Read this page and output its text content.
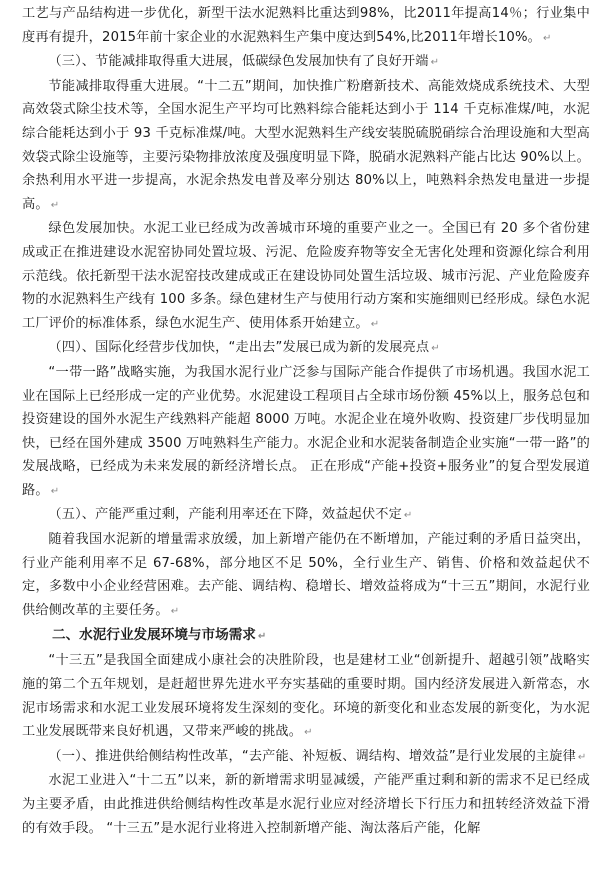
工艺与产品结构进一步优化，新型干法水泥熟料比重达到98%，比2011年提高14％；行业集中度再有提升，2015年前十家企业的水泥熟料生产集中度达到54%,比2011年增长10%。 ↵

（三）、节能减排取得重大进展，低碳绿色发展加快有了良好开端 ↵

节能减排取得重大进展。“十二五”期间，加快推广粉磨新技术、高能效烧成系统技术、大型高效袋式除尘技术等，全国水泥生产平均可比熟料综合能耗达到小于 114 千克标准煤/吨，水泥综合能耗达到小于 93 千克标准煤/吨。大型水泥熟料生产线安装脱硫脱硝综合治理设施和大型高效袋式除尘设施等，主要污染物排放浓度及强度明显下降，脱硝水泥熟料产能占比达 90%以上。余热利用水平进一步提高，水泥余热发电普及率分别达 80%以上，吨熟料余热发电量进一步提高。 ↵

绿色发展加快。水泥工业已经成为改善城市环境的重要产业之一。全国已有 20 多个省份建成或正在推进建设水泥窑协同处置垃圾、污泥、危险废弃物等安全无害化处理和资源化综合利用示范线。依托新型干法水泥窑技改建成或正在建设协同处置生活垃圾、城市污泥、产业危险废弃物的水泥熟料生产线有 100 多条。绿色建材生产与使用行动方案和实施细则已经形成。绿色水泥工厂评价的标准体系，绿色水泥生产、使用体系开始建立。 ↵

（四）、国际化经营步伐加快，“走出去”发展已成为新的发展亮点 ↵

“一带一路”战略实施，为我国水泥行业广泛参与国际产能合作提供了市场机遇。我国水泥工业在国际上已经形成一定的产业优势。水泥建设工程项目占全球市场份额 45%以上，服务总包和投资建设的国外水泥生产线熟料产能超 8000 万吨。水泥企业在境外收购、投资建厂步伐明显加快，已经在国外建成 3500 万吨熟料生产能力。水泥企业和水泥装备制造企业实施“一带一路”的发展战略，已经成为未来发展的新经济增长点。 正在形成“产能+投资+服务业”的复合型发展道路。 ↵

（五）、产能严重过剩，产能利用率还在下降，效益起伏不定 ↵

随着我国水泥新的增量需求放缓，加上新增产能仍在不断增加，产能过剩的矛盾日益突出，行业产能利用率不足 67-68%，部分地区不足 50%，全行业生产、销售、价格和效益起伏不定，多数中小企业经营困难。去产能、调结构、稳增长、增效益将成为“十三五”期间，水泥行业供给侧改革的主要任务。 ↵

二、水泥行业发展环境与市场需求 ↵

“十三五”是我国全面建成小康社会的决胜阶段，也是建材工业“创新提升、超越引领”战略实施的第二个五年规划，是赶超世界先进水平夯实基础的重要时期。国内经济发展进入新常态，水泥市场需求和水泥工业发展环境将发生深刻的变化。环境的新变化和业态发展的新变化，为水泥工业发展既带来良好机遇，又带来严峻的挑战。 ↵

（一）、推进供给侧结构性改革，“去产能、补短板、调结构、增效益”是行业发展的主旋律 ↵

水泥工业进入“十二五”以来，新的新增需求明显减缓，产能严重过剩和新的需求不足已经成为主要矛盾，由此推进供给侧结构性改革是水泥行业应对经济增长下行压力和扭转经济效益下滑的有效手段。 “十三五”是水泥行业将进入控制新增产能、淘汰落后产能，化解
